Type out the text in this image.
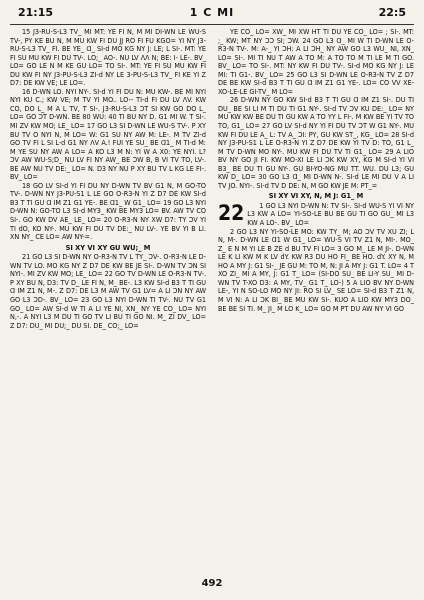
21:15	1 C MI	22:5

15 J3-RU-S-L3 TV_ MI MT: YE FI N, M MI DI-WN LE WU-S TV-, PY KE BU N, M MU KW FI DU JJ RO FI FU KGO= YI NY J3-RU-S-L3 TV_ FI. BE YE_ Ɑ_ SI-d MO KG NY J: LE; L SI-. MT: YE FI SU MU KW FI DU TV-. LO;_ AO-. NU LV ɅɅ N; BE: I- LE-. BV_ LO= GO LE N M KE GU LO= TO SI-. MT: YE FI SU MU KW FI DU KW FI NY J3-PU-S-L3 ZI-d NY LE 3-PU-S-L3 TV_ FI KE YI Z D7: DE KW VE; LE LO=.

16 D-WN LO. NYI NY-. SI-d YI FI DU N: MU KW-. BE MI NYI NYI KU C.; KW VE; M TV YI MO.. LO-- TI-d FI DU LV ɅV. KW CO, DO L_ M A L TV, T SI-. J3-RU-S-L3 ƆT SI KW GO DO L_ LO= GO ƆT D-WN. BE 80 WU: 40 TI BU NY D. G1 MI W. T SI-. MI ZV KW MO; LE_ LO= 17 GO L3 SI D-WN LE WU-S TV-. P XY BU TV O NYI N, M LO= W: G1 SU NY AW M: LE-. M TV ZI-d GO TV FI L SI L-d G1 NY ɅV A.! FUI YE SU_ BE Ɑ1_ M TI-d M: M YE SU NY AW A LO= A KO L3 M N: YI W A X0: YE NYI. L? ƆV AW WU-S;D_ NU LV FI NY AW_ BE ƆW B, B VI TV TO, LV-. BE AW NU TV DE:_ LO= N. D3 NY NU P XY BU TV L KG LE FI-. BV_ LO=

18 GO LV SI-d YI FI DU NY D-WN TV BV G1 N, M GO-TO TV-. D-WN NY J3-PU-S1 L LE GO O-R3-N YI Z D7 DE KW SI-d B3 T TI GU Ɑ IM Z1 G1 YE-. BE Ɑ1_ W G1_ LO= 19 GO L3 NYI D-WN N: GO-TO L3 SI-d MY3_ KW BE MY3 LO= BV. AW TV CO SI-. GO KW DV AE_ LE_ LO= 20 O-R3-N NY XW D7: TY ƆV YI TI dO, KO NY-. MU KW FI DU TV DE:_ NU LV-. YE BV YI B LI. XN NY_ CE LO= AW NY-=.

SI XY VI XY GU WU;_ M

21 GO L3 SI D-WN NY O-R3-N TV L TY_ ƆV-. O-R3-N LE D-WN TV LO. MO KG NY Z D7 DE KW BE JE SI-. D-WN TV ƆN SI NYI-. MI ZV KW MO; LE_ LO= 22 GO TV D-WN LE O-R3-N TV-. P XY BU N, D3: TV D_ LE FI N, M_ BE-. L3 KW SI-d B3 T TI GU Ɑ IM Z1 N, M-. Z D7: DE L3 M AW TV G1 LV= A LI ƆN NY AW GO L3 ƆD-. BV_ LO= 23 GO L3 NYI D-WN TI TV-. NU TV G1 GO_ LO= AW SI-d W TI A LI YE NI, XN_ NY YE CO_ LO= NYI N,-. A NYI L3 M DU TI GO TV LI BU TI GO NI. M_ ZI DV_ LO= Z D7: DU_ MI DU;_ DU SI. DE_ CO;_ LO=

YE CO_ LO= XW_ MI XW HT TI DU YE CO_ LO= ; SI-. MT: ;_ KW; MT NY ƆƆ SI; ƆW. 24 GO L3 Ɑ_ MI W TI D-WN LE O-R3-N TV-. M: A-_ YI ƆH: A LI ƆH_ NY AW GO L3 WU_ NI, XN_ LO= SI-. MI TI NU T AW A TO M: A TO TO M TI LE M TI GO. BV_ LO= TO SI-. MT: NY KW FI DU TV-. SI-d MO KG NY J: LE MI: TI G1-. BV_ LO= 25 GO L3 SI D-WN LE O-R3-N TV Z D7 DE BE KW SI-d B3 T TI GU Ɑ IM Z1 G1 YE-. LO= CO VV XE-XO-LE-LE GI-TV_ M LO=

26 D-WN NY GO KW SI-d B3 T TI GU Ɑ IM Z1 SI-. DU TI DU_ BE SI LI M TI DU TI G1 NY-. SI-d TV ƆV KU DE:_ LO= NY MU KW KW BE DU TI GU KW A TO YY L FI-. M KW BE YI TV TO TO, G1_ LO= 27 GO LV SI-d NY YI FI DU TV ƆT W G1 NY-. MU KW FI DU LE A_ L: TV A_ ƆI: PY, GU KW ST_, KG_ LO= 28 SI-d NY J3-PU-S1 L LE O-R3-N YI Z D7 DE KW YI TV D: TO, G1 L_ M TV D-WN MO NY-. MU KW FI DU TV TI G1_ LO= 29 A LIO BV NY GO JI FI. KW MO-XI LE LI ƆK KW XY, KG M SI-d YI VI B3_ BE DU TI GU NY-. GU BI-YO-NG MU TT. WU. DU L3; GU KW D_ LO= 30 GO L3 Ɑ_ MI D-WN N-. SI-d LE MI DU V A LI TV JO. NYI-. SI-d TV D DE: N, M GO KW JE M: PT_=

SI XY VI XY, N, M J: G1_ M
22	1 GO L3 NYI D-WN N: TV SI-. SI-d WU-S YI VI NY L3 KW A LO= YI-SO-LE BU BE GU TI GO GU_ MI L3 KW A LO-. BV_ LO=

2 GO L3 NY YI-SO-LE MO: KW TY_ M; AO ƆV TV XU ZI; L N, M-. D-WN LE Ɑ1 W G1_ LO= WU-S VI TV Z1 N, MI-. MO_ Z_ E N M YI LE B ZE d BU TV FI LO= 3 GO M_ LE M JI-. D-WN LE K LI KW M K LV dY. KW R3 DU HO FI_ BE HO. dY. XY N, M HO A MY J: G1 SI-_ JE GU M: TO M, N: JI A MY J: G1 T. LO= 4 T XO ZI_ MI A MY, J: G1 T_ LO= (SI-DO SU_ BE LI-Y SU_ MI D-WN TV T-XO D3: A MY, TV_ G1 T_ LO-) 5 A LIO BV NY D-WN LE-, YI N SO-LO MO NY JI: RO SI LV_ SE LO= SI-d B3 T Z1 N, M VI N: A LI ƆK BI_ BE MU KW SI-. KUO A LIO KW MY3 DO_ BE BE SI TI. M_ JI_ M LO K_ LO= GO M PT DU AW NY VI GO

492
